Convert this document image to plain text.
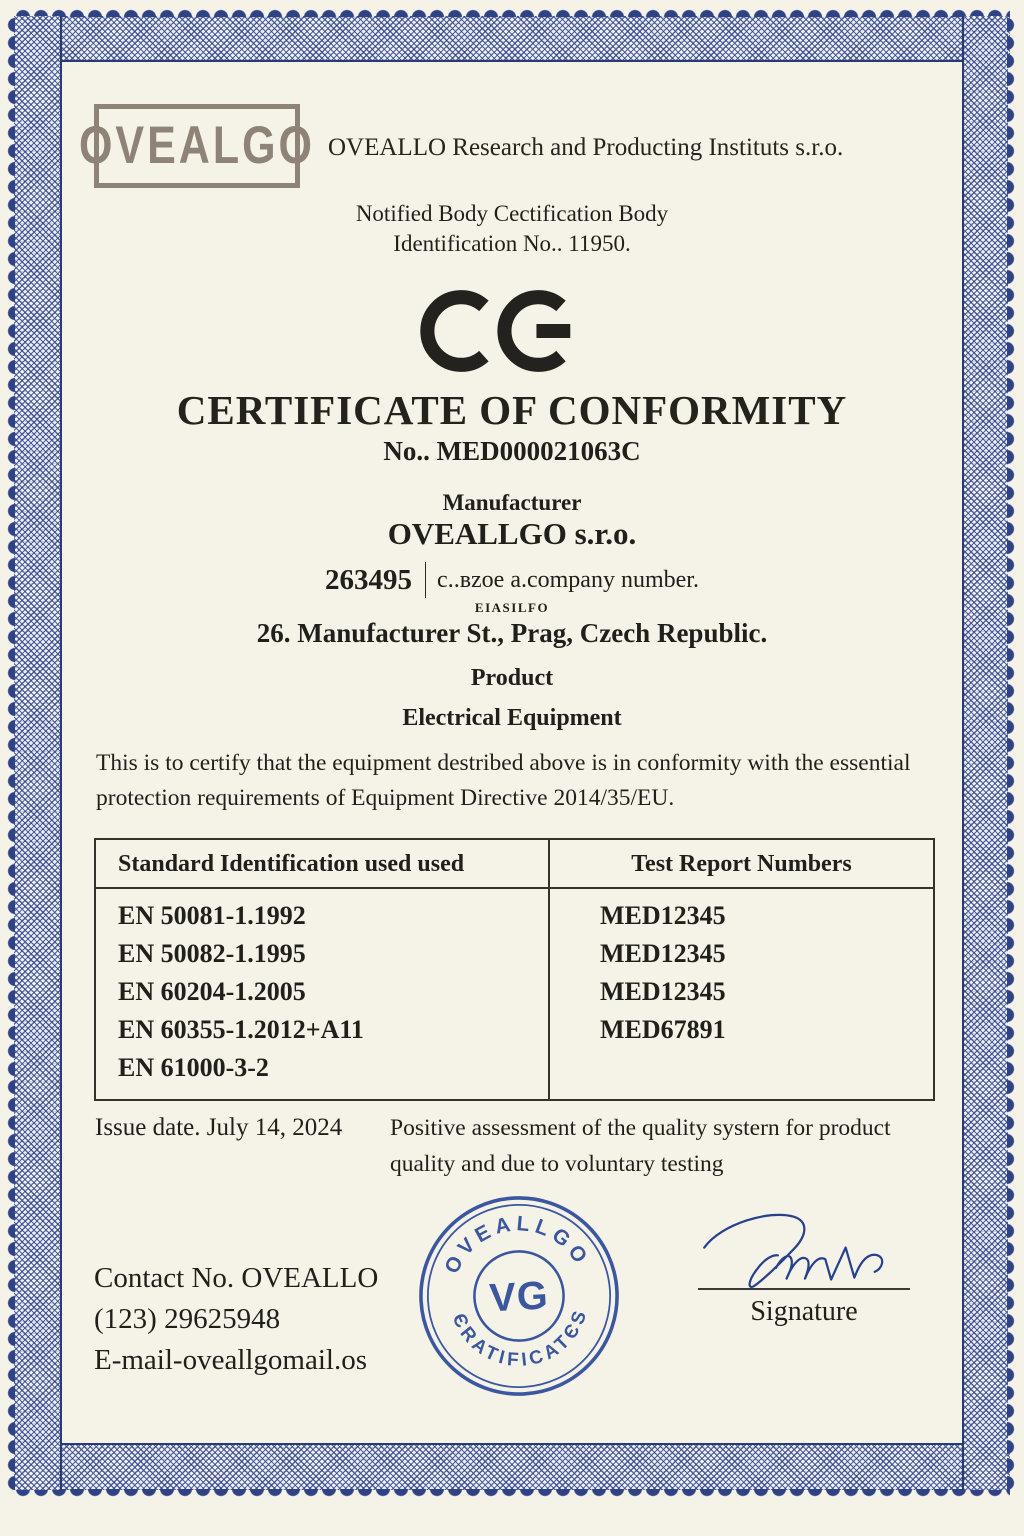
OVEALGO OVEALLO Research and Producting Instituts s.r.o.
Notified Body Cectification Body
Identification No.. 11950.
CERTIFICATE OF CONFORMITY
No.. MED000021063C
Manufacturer
OVEALLGO s.r.o.
263495 c..ʙzoe a.company number.
EIASILFO
26. Manufacturer St., Prag, Czech Republic.
Product
Electrical Equipment
This is to certify that the equipment destribed above is in conformity with the essential protection requirements of Equipment Directive 2014/35/EU.
Standard Identification used used	Test Report Numbers
EN 50081-1.1992
EN 50082-1.1995
EN 60204-1.2005
EN 60355-1.2012+A11
EN 61000-3-2
MED12345
MED12345
MED12345
MED67891
Issue date. July 14, 2024 Positive assessment of the quality systern for product quality and due to voluntary testing
Contact No. OVEALLO
(123) 29625948
E-mail-oveallgomail.os
OVEALLGO
ЄRATIFICATЄS
VG	Signature
